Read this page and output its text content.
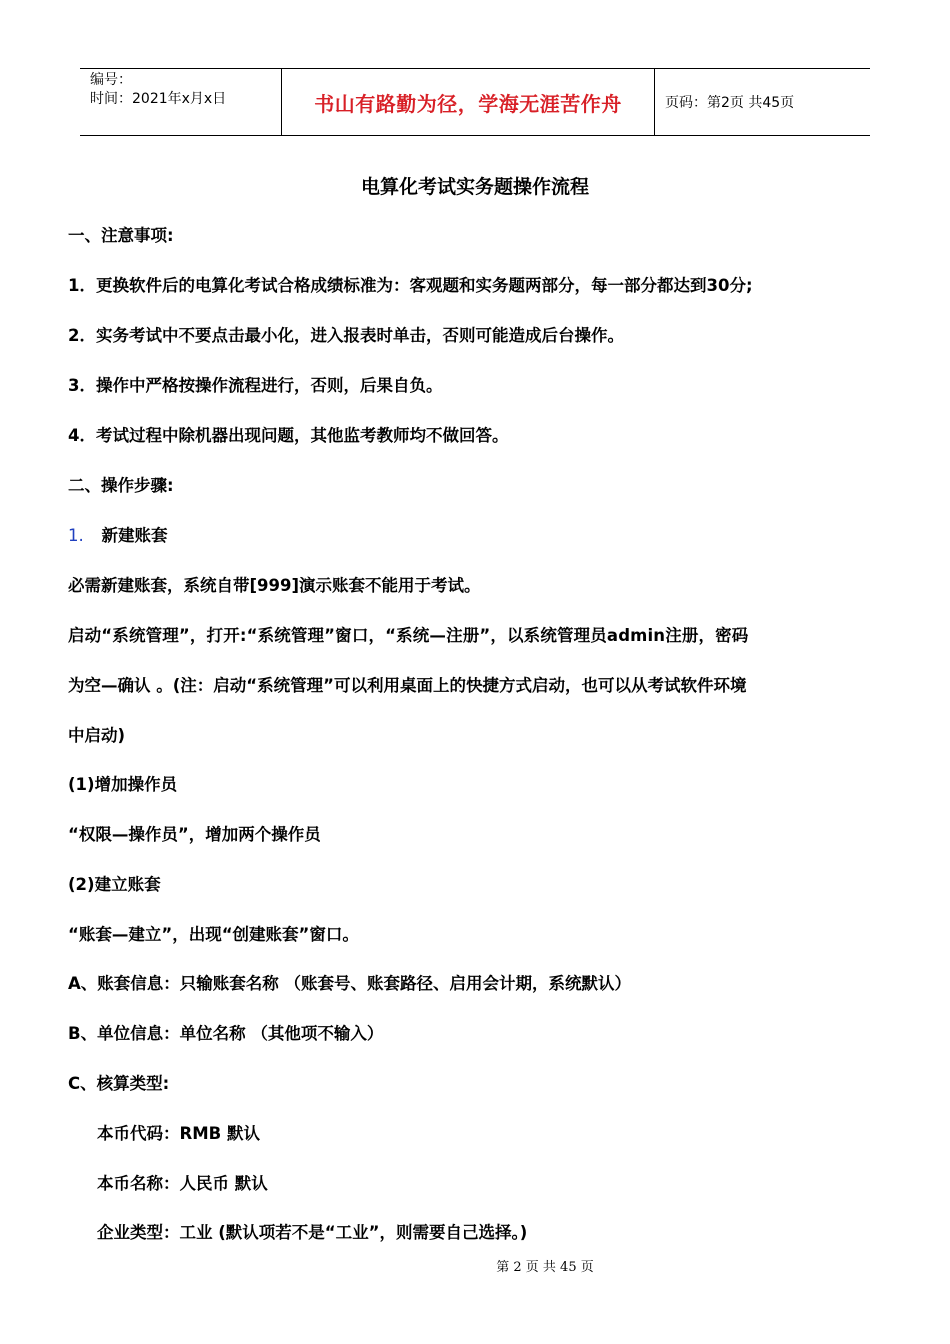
编号：
时间：2021年x月x日	书山有路勤为径，学海无涯苦作舟	页码：第2页 共45页
电算化考试实务题操作流程
一、注意事项:
1．更换软件后的电算化考试合格成绩标准为：客观题和实务题两部分，每一部分都达到30分;
2．实务考试中不要点击最小化，进入报表时单击，否则可能造成后台操作。
3．操作中严格按操作流程进行，否则，后果自负。
4．考试过程中除机器出现问题，其他监考教师均不做回答。
二、操作步骤:
1. 新建账套
必需新建账套，系统自带[999]演示账套不能用于考试。
启动“系统管理”，打开:“系统管理”窗口，“系统—注册”，以系统管理员admin注册，密码
为空—确认 。(注：启动“系统管理”可以利用桌面上的快捷方式启动，也可以从考试软件环境
中启动)
(1)增加操作员
“权限—操作员”，增加两个操作员
(2)建立账套
“账套—建立”，出现“创建账套”窗口。
A、账套信息：只输账套名称 （账套号、账套路径、启用会计期，系统默认）
B、单位信息：单位名称 （其他项不输入）
C、核算类型:
本币代码：RMB 默认
本币名称：人民币 默认
企业类型：工业 (默认项若不是“工业”，则需要自己选择。)
第 2 页 共 45 页
